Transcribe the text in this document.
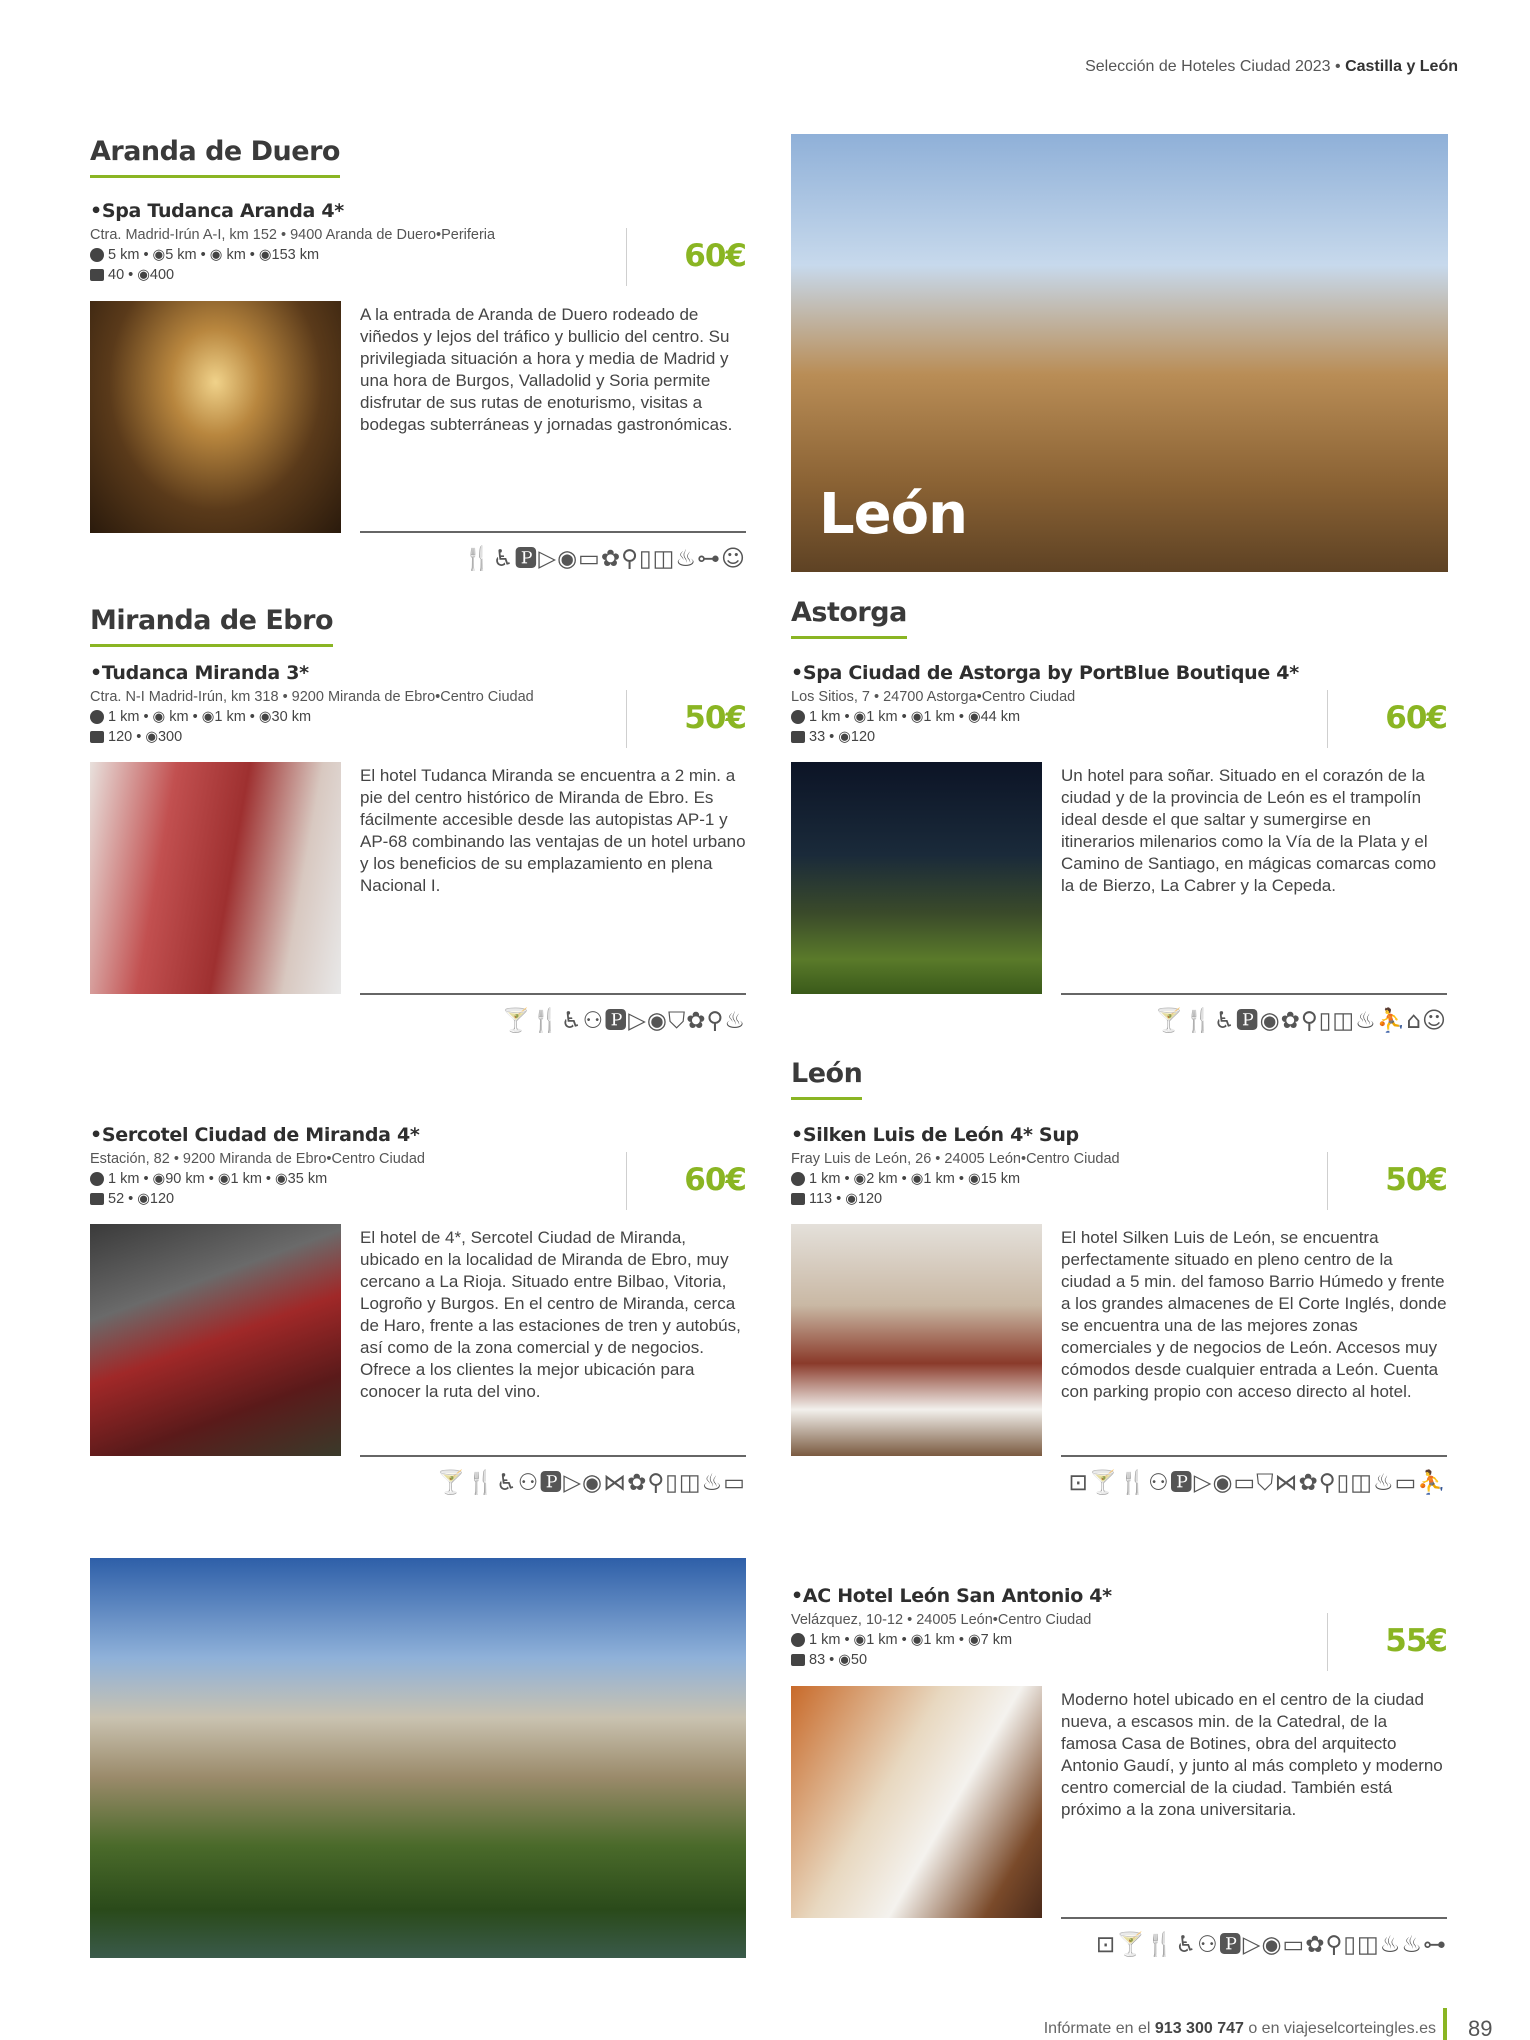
Selección de Hoteles Ciudad 2023 • Castilla y León
Aranda de Duero
•Spa Tudanca Aranda 4*
Ctra. Madrid-Irún A-I, km 152 • 9400 Aranda de Duero•Periferia
5 km • ◉5 km • ◉ km • ◉153 km
40 • ◉400
60€
A la entrada de Aranda de Duero rodeado de viñedos y lejos del tráfico y bullicio del centro. Su privilegiada situación a hora y media de Madrid y una hora de Burgos, Valladolid y Soria permite disfrutar de sus rutas de enoturismo, visitas a bodegas subterráneas y jornadas gastronómicas.
🍴♿🅿▷◉▭✿⚲▯◫♨⊶☺
León
Miranda de Ebro
•Tudanca Miranda 3*
Ctra. N-I Madrid-Irún, km 318 • 9200 Miranda de Ebro•Centro Ciudad
1 km • ◉ km • ◉1 km • ◉30 km
120 • ◉300
50€
El hotel Tudanca Miranda se encuentra a 2 min. a pie del centro histórico de Miranda de Ebro. Es fácilmente accesible desde las autopistas AP-1 y AP-68 combinando las ventajas de un hotel urbano y los beneficios de su emplazamiento en plena Nacional I.
🍸🍴♿⚇🅿▷◉⛉✿⚲♨
Astorga
•Spa Ciudad de Astorga by PortBlue Boutique 4*
Los Sitios, 7 • 24700 Astorga•Centro Ciudad
1 km • ◉1 km • ◉1 km • ◉44 km
33 • ◉120
60€
Un hotel para soñar. Situado en el corazón de la ciudad y de la provincia de León es el trampolín ideal desde el que saltar y sumergirse en itinerarios milenarios como la Vía de la Plata y el Camino de Santiago, en mágicas comarcas como la de Bierzo, La Cabrer y la Cepeda.
🍸🍴♿🅿◉✿⚲▯◫♨⛹⌂☺
León
•Sercotel Ciudad de Miranda 4*
Estación, 82 • 9200 Miranda de Ebro•Centro Ciudad
1 km • ◉90 km • ◉1 km • ◉35 km
52 • ◉120
60€
El hotel de 4*, Sercotel Ciudad de Miranda, ubicado en la localidad de Miranda de Ebro, muy cercano a La Rioja. Situado entre Bilbao, Vitoria, Logroño y Burgos. En el centro de Miranda, cerca de Haro, frente a las estaciones de tren y autobús, así como de la zona comercial y de negocios. Ofrece a los clientes la mejor ubicación para conocer la ruta del vino.
🍸🍴♿⚇🅿▷◉⋈✿⚲▯◫♨▭
•Silken Luis de León 4* Sup
Fray Luis de León, 26 • 24005 León•Centro Ciudad
1 km • ◉2 km • ◉1 km • ◉15 km
113 • ◉120
50€
El hotel Silken Luis de León, se encuentra perfectamente situado en pleno centro de la ciudad a 5 min. del famoso Barrio Húmedo y frente a los grandes almacenes de El Corte Inglés, donde se encuentra una de las mejores zonas comerciales y de negocios de León. Accesos muy cómodos desde cualquier entrada a León. Cuenta con parking propio con acceso directo al hotel.
⊡🍸🍴⚇🅿▷◉▭⛉⋈✿⚲▯◫♨▭⛹
•AC Hotel León San Antonio 4*
Velázquez, 10-12 • 24005 León•Centro Ciudad
1 km • ◉1 km • ◉1 km • ◉7 km
83 • ◉50
55€
Moderno hotel ubicado en el centro de la ciudad nueva, a escasos min. de la Catedral, de la famosa Casa de Botines, obra del arquitecto Antonio Gaudí, y junto al más completo y moderno centro comercial de la ciudad. También está próximo a la zona universitaria.
⊡🍸🍴♿⚇🅿▷◉▭✿⚲▯◫♨♨⊶
Infórmate en el 913 300 747 o en viajeselcorteingles.es 89
